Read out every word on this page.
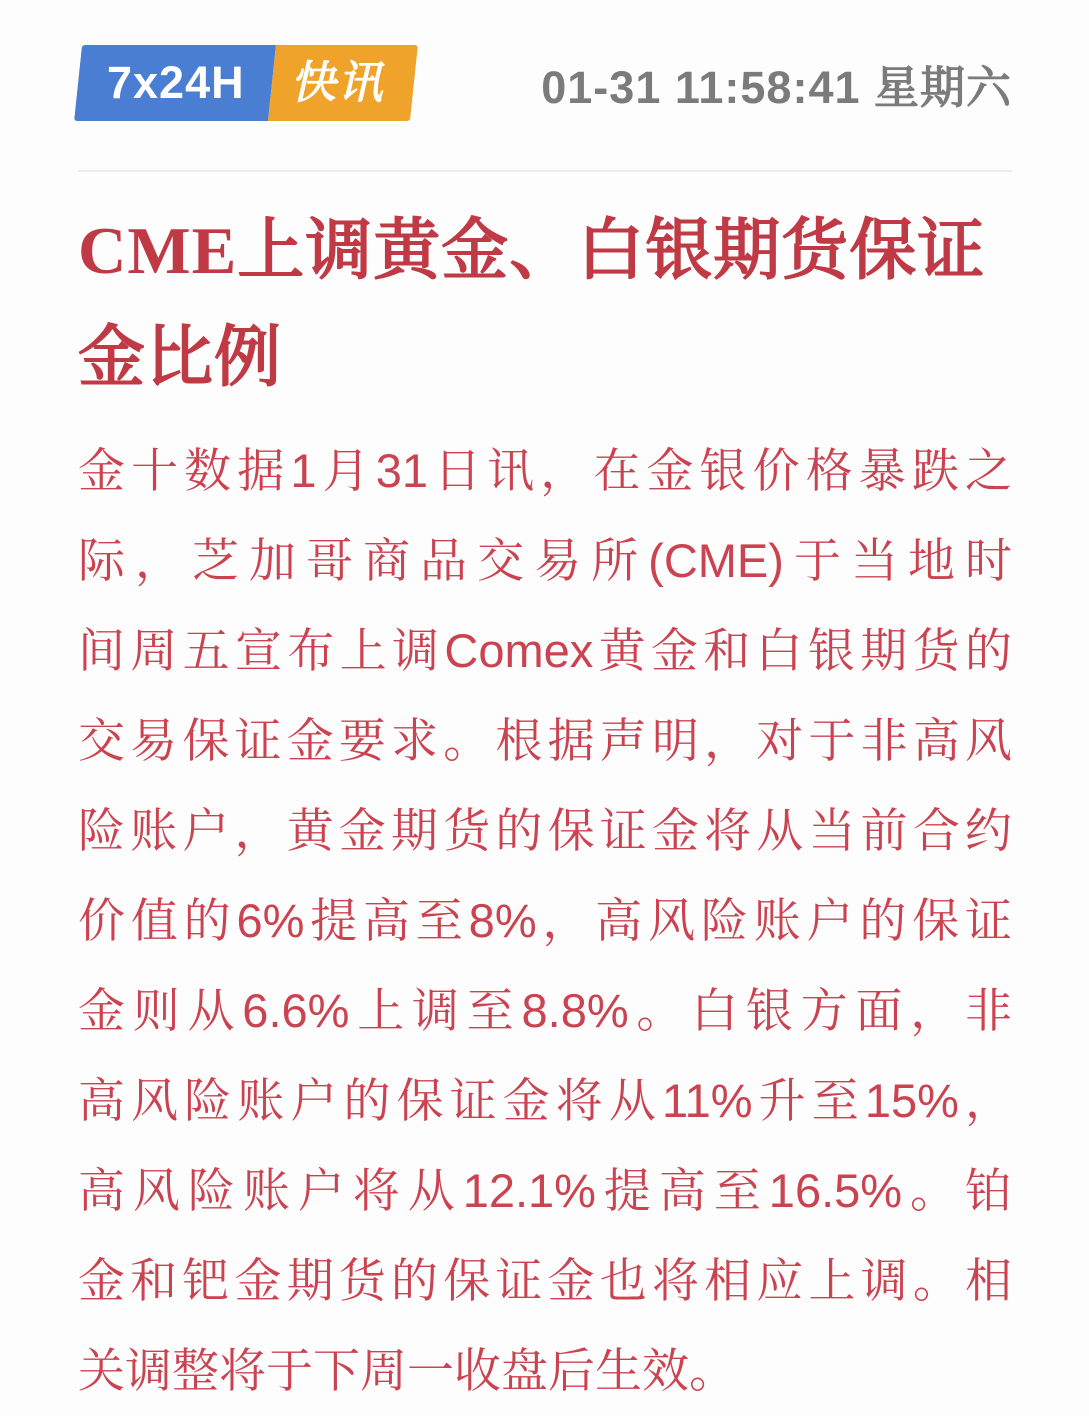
7x24H 快讯	01-31 11:58:41 星期六
CME上调黄金、白银期货保证
金比例
金十数据1月31日讯，在金银价格暴跌之
际，芝加哥商品交易所(CME)于当地时
间周五宣布上调Comex黄金和白银期货的
交易保证金要求。根据声明，对于非高风
险账户，黄金期货的保证金将从当前合约
价值的6%提高至8%，高风险账户的保证
金则从6.6%上调至8.8%。白银方面，非
高风险账户的保证金将从11%升至15%，
高风险账户将从12.1%提高至16.5%。铂
金和钯金期货的保证金也将相应上调。相
关调整将于下周一收盘后生效。
